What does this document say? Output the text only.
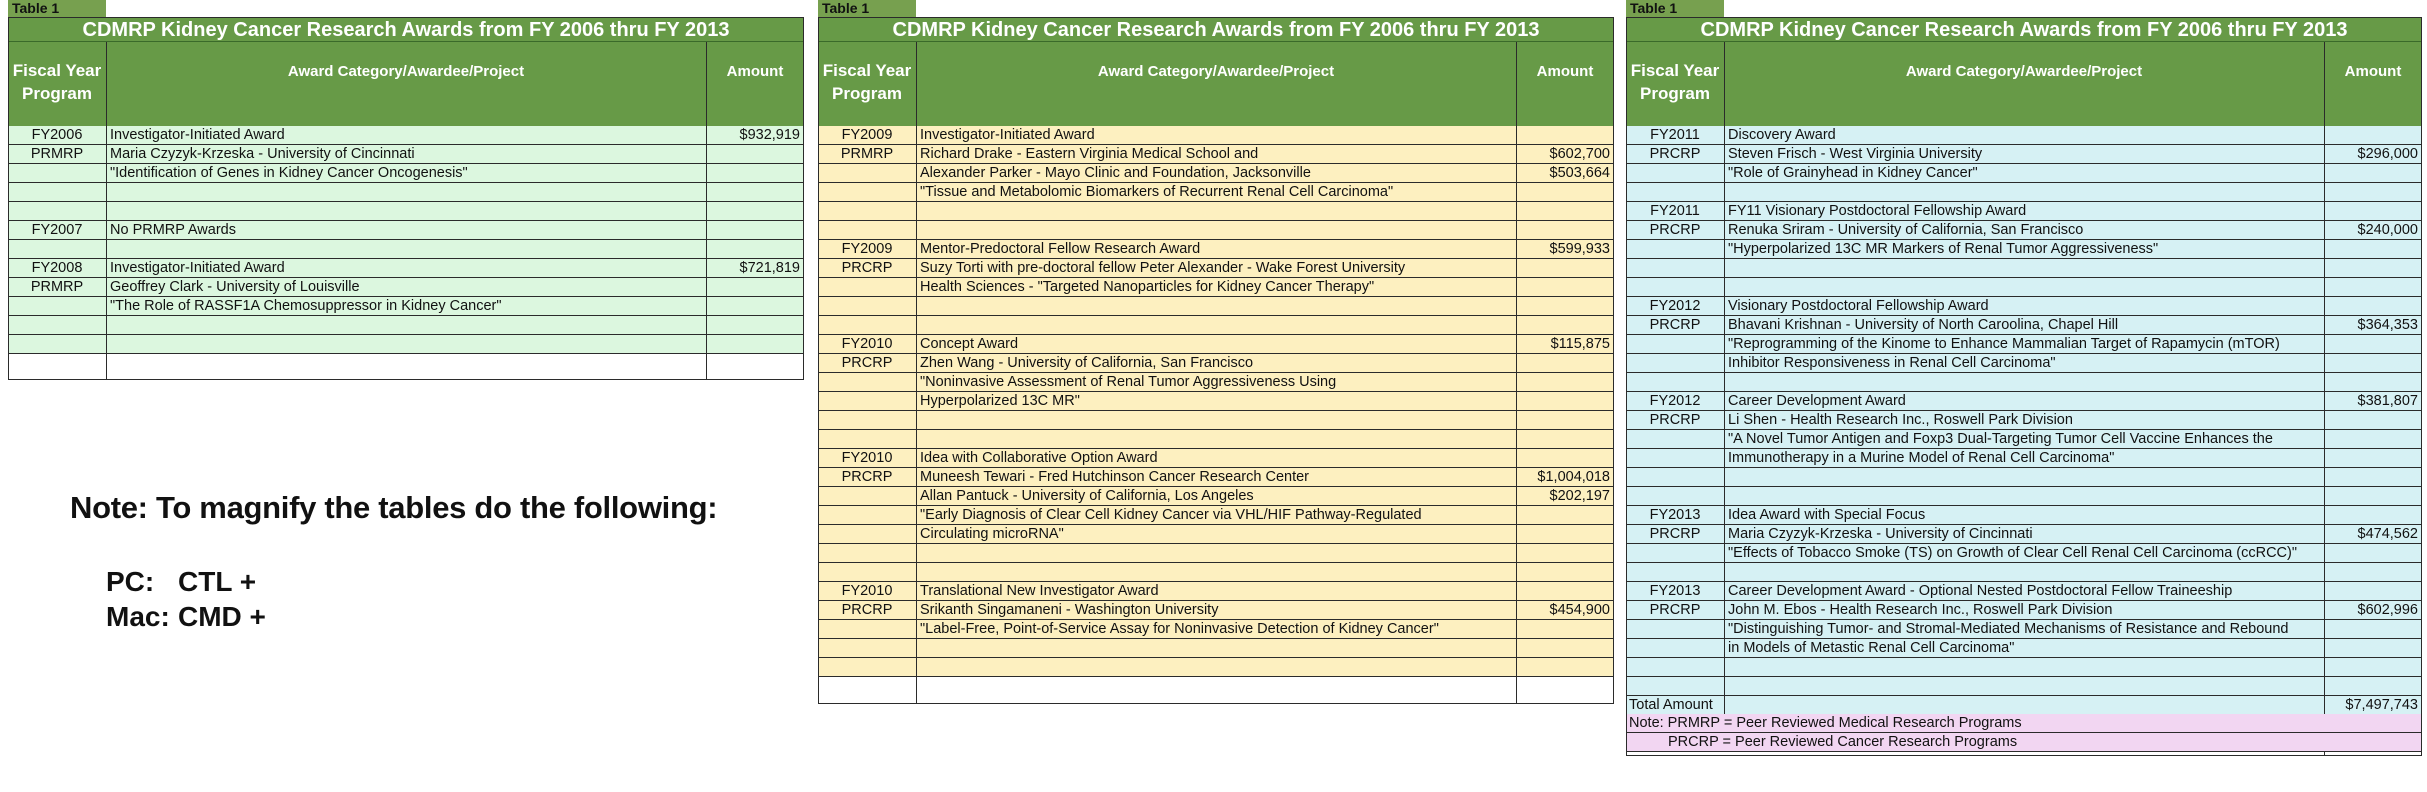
Table 1
CDMRP Kidney Cancer Research Awards from FY 2006 thru FY 2013
Fiscal Year
Program
Award Category/Awardee/Project	Amount
FY2006	Investigator-Initiated Award	$932,919
PRMRP	Maria Czyzyk-Krzeska - University of Cincinnati
"Identification of Genes in Kidney Cancer Oncogenesis"
FY2007	No PRMRP Awards
FY2008	Investigator-Initiated Award	$721,819
PRMRP	Geoffrey Clark - University of Louisville
"The Role of RASSF1A Chemosuppressor in Kidney Cancer"
Table 1
CDMRP Kidney Cancer Research Awards from FY 2006 thru FY 2013
Fiscal Year
Program
Award Category/Awardee/Project	Amount
FY2009	Investigator-Initiated Award
PRMRP	Richard Drake - Eastern Virginia Medical School and	$602,700
Alexander Parker - Mayo Clinic and Foundation, Jacksonville	$503,664
"Tissue and Metabolomic Biomarkers of Recurrent Renal Cell Carcinoma"
FY2009	Mentor-Predoctoral Fellow Research Award	$599,933
PRCRP	Suzy Torti with pre-doctoral fellow Peter Alexander - Wake Forest University
Health Sciences - "Targeted Nanoparticles for Kidney Cancer Therapy"
FY2010	Concept Award	$115,875
PRCRP	Zhen Wang - University of California, San Francisco
"Noninvasive Assessment of Renal Tumor Aggressiveness Using
Hyperpolarized 13C MR"
FY2010	Idea with Collaborative Option Award
PRCRP	Muneesh Tewari - Fred Hutchinson Cancer Research Center	$1,004,018
Allan Pantuck - University of California, Los Angeles	$202,197
"Early Diagnosis of Clear Cell Kidney Cancer via VHL/HIF Pathway-Regulated
Circulating microRNA"
FY2010	Translational New Investigator Award
PRCRP	Srikanth Singamaneni - Washington University	$454,900
"Label-Free, Point-of-Service Assay for Noninvasive Detection of Kidney Cancer"
Table 1
CDMRP Kidney Cancer Research Awards from FY 2006 thru FY 2013
Fiscal Year
Program
Award Category/Awardee/Project	Amount
FY2011	Discovery Award
PRCRP	Steven Frisch - West Virginia University	$296,000
"Role of Grainyhead in Kidney Cancer"
FY2011	FY11 Visionary Postdoctoral Fellowship Award
PRCRP	Renuka Sriram - University of California, San Francisco	$240,000
"Hyperpolarized 13C MR Markers of Renal Tumor Aggressiveness"
FY2012	Visionary Postdoctoral Fellowship Award
PRCRP	Bhavani Krishnan - University of North Caroolina, Chapel Hill	$364,353
"Reprogramming of the Kinome to Enhance Mammalian Target of Rapamycin (mTOR)
Inhibitor Responsiveness in Renal Cell Carcinoma"
FY2012	Career Development Award	$381,807
PRCRP	Li Shen - Health Research Inc., Roswell Park Division
"A Novel Tumor Antigen and Foxp3 Dual-Targeting Tumor Cell Vaccine Enhances the
Immunotherapy in a Murine Model of Renal Cell Carcinoma"
FY2013	Idea Award with Special Focus
PRCRP	Maria Czyzyk-Krzeska - University of Cincinnati	$474,562
"Effects of Tobacco Smoke (TS) on Growth of Clear Cell Renal Cell Carcinoma (ccRCC)"
FY2013	Career Development Award - Optional Nested Postdoctoral Fellow Traineeship
PRCRP	John M. Ebos - Health Research Inc., Roswell Park Division	$602,996
"Distinguishing Tumor- and Stromal-Mediated Mechanisms of Resistance and Rebound
in Models of Metastic Renal Cell Carcinoma"
Total Amount	$7,497,743
Note: PRMRP = Peer Reviewed Medical Research Programs
PRCRP = Peer Reviewed Cancer Research Programs
Note: To magnify the tables do the following:
PC: CTL +
Mac: CMD +
